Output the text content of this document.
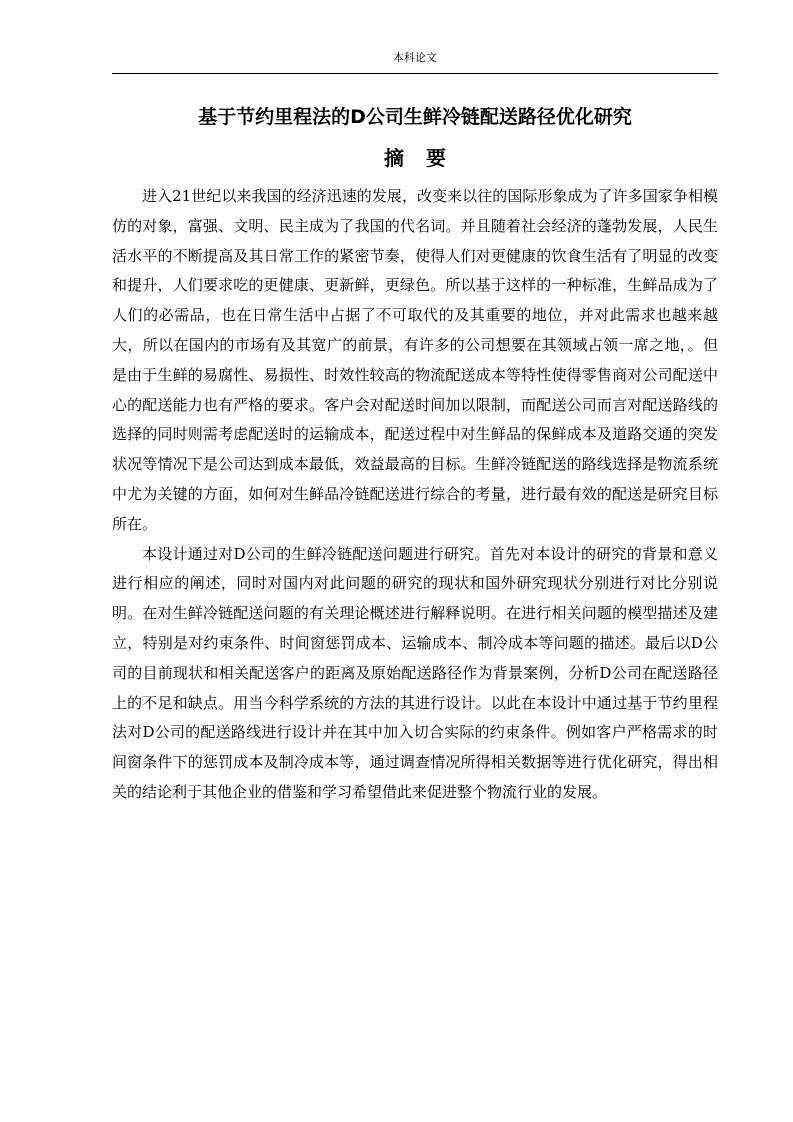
本科论文
基于节约里程法的D公司生鲜冷链配送路径优化研究
摘要

进入21世纪以来我国的经济迅速的发展，改变来以往的国际形象成为了许多国家争相模仿的对象，富强、文明、民主成为了我国的代名词。并且随着社会经济的蓬勃发展，人民生活水平的不断提高及其日常工作的紧密节奏，使得人们对更健康的饮食生活有了明显的改变和提升，人们要求吃的更健康、更新鲜，更绿色。所以基于这样的一种标准，生鲜品成为了人们的必需品，也在日常生活中占据了不可取代的及其重要的地位，并对此需求也越来越大，所以在国内的市场有及其宽广的前景，有许多的公司想要在其领域占领一席之地，。但是由于生鲜的易腐性、易损性、时效性较高的物流配送成本等特性使得零售商对公司配送中心的配送能力也有严格的要求。客户会对配送时间加以限制，而配送公司而言对配送路线的选择的同时则需考虑配送时的运输成本，配送过程中对生鲜品的保鲜成本及道路交通的突发状况等情况下是公司达到成本最低，效益最高的目标。生鲜冷链配送的路线选择是物流系统中尤为关键的方面，如何对生鲜品冷链配送进行综合的考量，进行最有效的配送是研究目标所在。

本设计通过对D公司的生鲜冷链配送问题进行研究。首先对本设计的研究的背景和意义进行相应的阐述，同时对国内对此问题的研究的现状和国外研究现状分别进行对比分别说明。在对生鲜冷链配送问题的有关理论概述进行解释说明。在进行相关问题的模型描述及建立，特别是对约束条件、时间窗惩罚成本、运输成本、制冷成本等问题的描述。最后以D公司的目前现状和相关配送客户的距离及原始配送路径作为背景案例，分析D公司在配送路径上的不足和缺点。用当今科学系统的方法的其进行设计。以此在本设计中通过基于节约里程法对D公司的配送路线进行设计并在其中加入切合实际的约束条件。例如客户严格需求的时间窗条件下的惩罚成本及制冷成本等，通过调查情况所得相关数据等进行优化研究，得出相关的结论利于其他企业的借鉴和学习希望借此来促进整个物流行业的发展。
